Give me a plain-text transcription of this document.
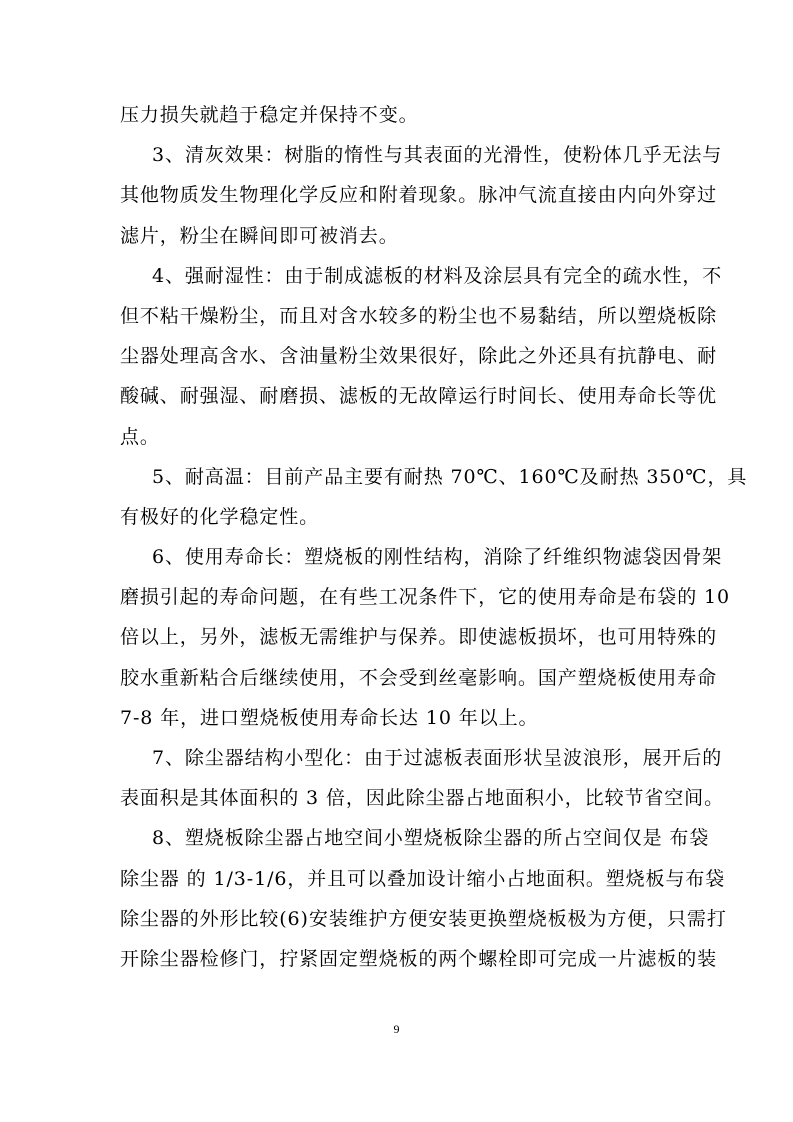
压力损失就趋于稳定并保持不变。
3、清灰效果：树脂的惰性与其表面的光滑性，使粉体几乎无法与
其他物质发生物理化学反应和附着现象。脉冲气流直接由内向外穿过
滤片，粉尘在瞬间即可被消去。
4、强耐湿性：由于制成滤板的材料及涂层具有完全的疏水性，不
但不粘干燥粉尘，而且对含水较多的粉尘也不易黏结，所以塑烧板除
尘器处理高含水、含油量粉尘效果很好，除此之外还具有抗静电、耐
酸碱、耐强湿、耐磨损、滤板的无故障运行时间长、使用寿命长等优
点。
5、耐高温：目前产品主要有耐热 70℃、160℃及耐热 350℃，具
有极好的化学稳定性。
6、使用寿命长：塑烧板的刚性结构，消除了纤维织物滤袋因骨架
磨损引起的寿命问题，在有些工况条件下，它的使用寿命是布袋的 10
倍以上，另外，滤板无需维护与保养。即使滤板损坏，也可用特殊的
胶水重新粘合后继续使用，不会受到丝毫影响。国产塑烧板使用寿命
7-8 年，进口塑烧板使用寿命长达 10 年以上。
7、除尘器结构小型化：由于过滤板表面形状呈波浪形，展开后的
表面积是其体面积的 3 倍，因此除尘器占地面积小，比较节省空间。
8、塑烧板除尘器占地空间小塑烧板除尘器的所占空间仅是 布袋
除尘器 的 1/3-1/6，并且可以叠加设计缩小占地面积。塑烧板与布袋
除尘器的外形比较(6)安装维护方便安装更换塑烧板极为方便，只需打
开除尘器检修门，拧紧固定塑烧板的两个螺栓即可完成一片滤板的装
9
